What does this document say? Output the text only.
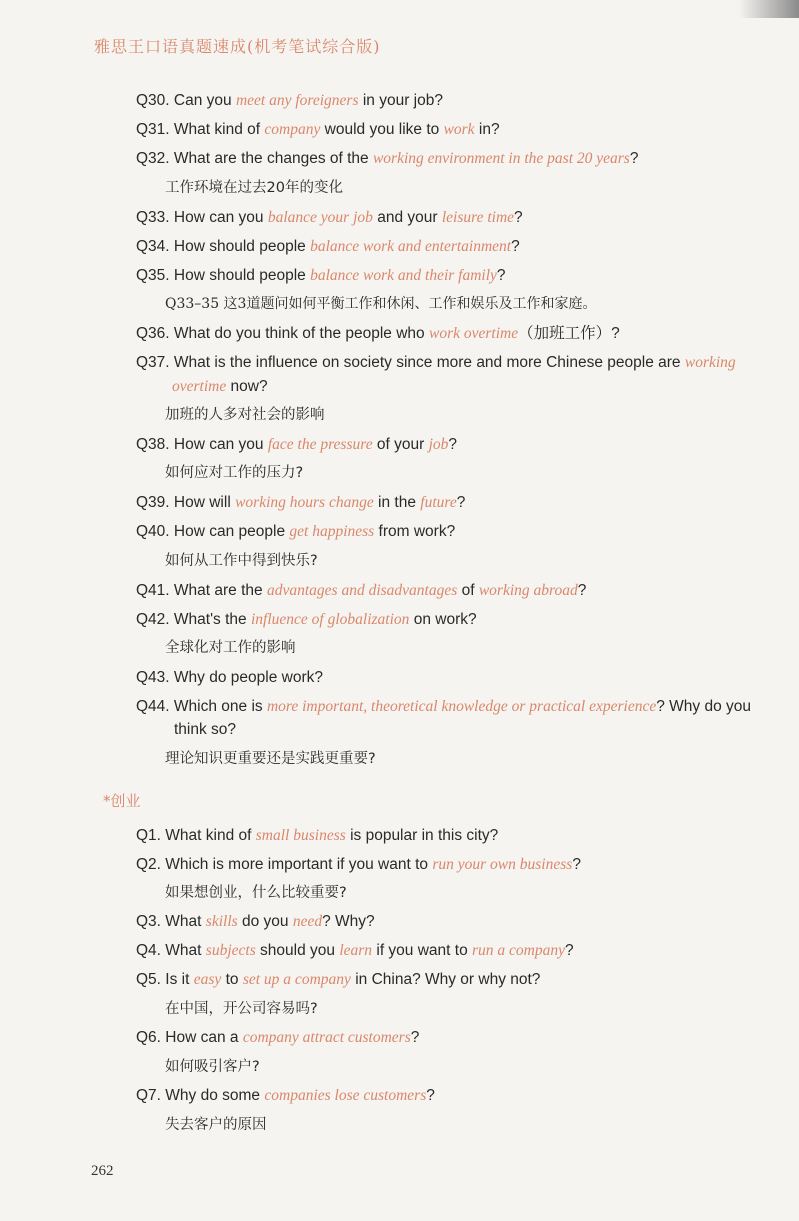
雅思王口语真题速成(机考笔试综合版)
Q30. Can you meet any foreigners in your job?
Q31. What kind of company would you like to work in?
Q32. What are the changes of the working environment in the past 20 years?
工作环境在过去20年的变化
Q33. How can you balance your job and your leisure time?
Q34. How should people balance work and entertainment?
Q35. How should people balance work and their family?
Q33–35 这3道题问如何平衡工作和休闲、工作和娱乐及工作和家庭。
Q36. What do you think of the people who work overtime（加班工作）?
Q37. What is the influence on society since more and more Chinese people are working
overtime now?
加班的人多对社会的影响
Q38. How can you face the pressure of your job?
如何应对工作的压力?
Q39. How will working hours change in the future?
Q40. How can people get happiness from work?
如何从工作中得到快乐?
Q41. What are the advantages and disadvantages of working abroad?
Q42. What's the influence of globalization on work?
全球化对工作的影响
Q43. Why do people work?
Q44. Which one is more important, theoretical knowledge or practical experience? Why do you
think so?
理论知识更重要还是实践更重要?
*创业
Q1. What kind of small business is popular in this city?
Q2. Which is more important if you want to run your own business?
如果想创业，什么比较重要?
Q3. What skills do you need? Why?
Q4. What subjects should you learn if you want to run a company?
Q5. Is it easy to set up a company in China? Why or why not?
在中国，开公司容易吗?
Q6. How can a company attract customers?
如何吸引客户?
Q7. Why do some companies lose customers?
失去客户的原因
262
